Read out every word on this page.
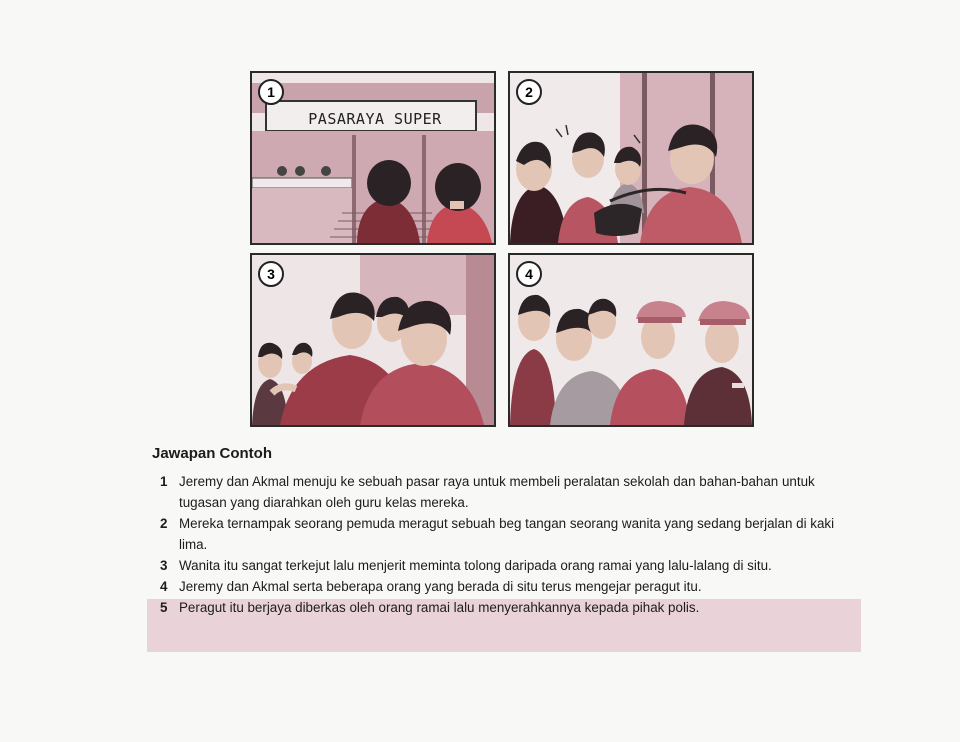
1
PASARAYA SUPER
2
3	4
Jawapan Contoh

1 Jeremy dan Akmal menuju ke sebuah pasar raya untuk membeli peralatan sekolah dan bahan-bahan untuk tugasan yang diarahkan oleh guru kelas mereka.

2 Mereka ternampak seorang pemuda meragut sebuah beg tangan seorang wanita yang sedang berjalan di kaki lima.

3 Wanita itu sangat terkejut lalu menjerit meminta tolong daripada orang ramai yang lalu-lalang di situ.

4 Jeremy dan Akmal serta beberapa orang yang berada di situ terus mengejar peragut itu.

5 Peragut itu berjaya diberkas oleh orang ramai lalu menyerahkannya kepada pihak polis.
